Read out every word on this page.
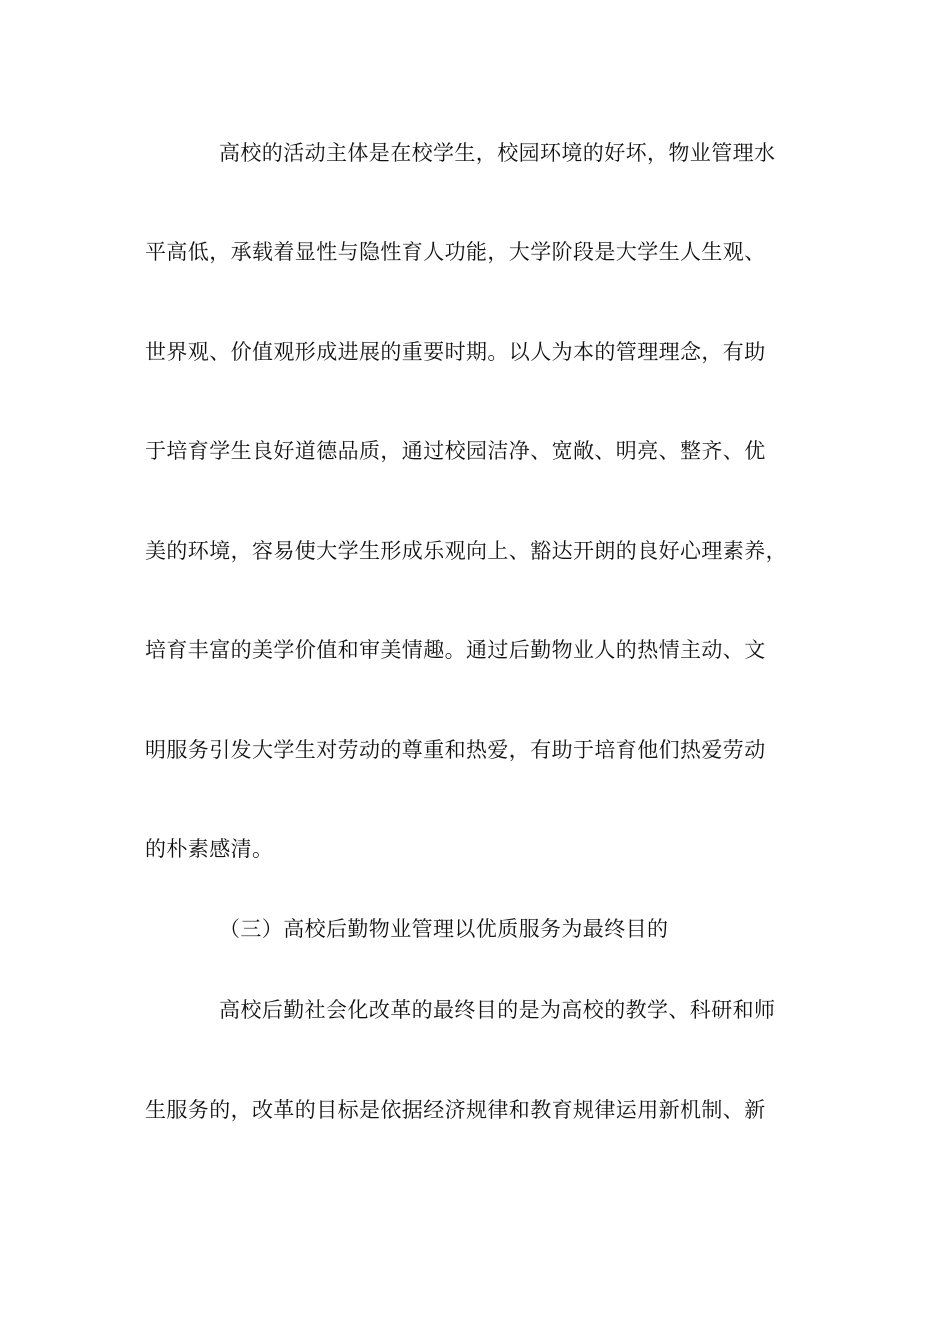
高校的活动主体是在校学生，校园环境的好坏，物业管理水
平高低，承载着显性与隐性育人功能，大学阶段是大学生人生观、
世界观、价值观形成进展的重要时期。以人为本的管理理念，有助
于培育学生良好道德品质，通过校园洁净、宽敞、明亮、整齐、优
美的环境，容易使大学生形成乐观向上、豁达开朗的良好心理素养，
培育丰富的美学价值和审美情趣。通过后勤物业人的热情主动、文
明服务引发大学生对劳动的尊重和热爱，有助于培育他们热爱劳动
的朴素感清。
（三）高校后勤物业管理以优质服务为最终目的
高校后勤社会化改革的最终目的是为高校的教学、科研和师
生服务的，改革的目标是依据经济规律和教育规律运用新机制、新
